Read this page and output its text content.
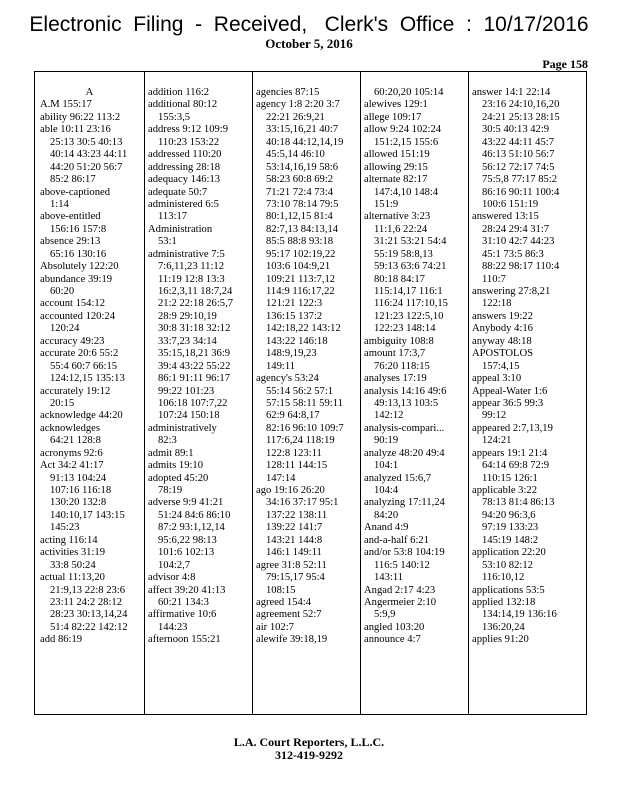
Electronic  Filing  -  Received,   Clerk's  Office  :  10/17/2016
October 5, 2016
Page 158
A
A.M 155:17
ability 96:22 113:2
able 10:11 23:16
25:13 30:5 40:13
40:14 43:23 44:11
44:20 51:20 56:7
85:2 86:17
above-captioned
1:14
above-entitled
156:16 157:8
absence 29:13
65:16 130:16
Absolutely 122:20
abundance 39:19
60:20
account 154:12
accounted 120:24
120:24
accuracy 49:23
accurate 20:6 55:2
55:4 60:7 66:15
124:12,15 135:13
accurately 19:12
20:15
acknowledge 44:20
acknowledges
64:21 128:8
acronyms 92:6
Act 34:2 41:17
91:13 104:24
107:16 116:18
130:20 132:8
140:10,17 143:15
145:23
acting 116:14
activities 31:19
33:8 50:24
actual 11:13,20
21:9,13 22:8 23:6
23:11 24:2 28:12
28:23 30:13,14,24
51:4 82:22 142:12
add 86:19
addition 116:2
additional 80:12
155:3,5
address 9:12 109:9
110:23 153:22
addressed 110:20
addressing 28:18
adequacy 146:13
adequate 50:7
administered 6:5
113:17
Administration
53:1
administrative 7:5
7:6,11,23 11:12
11:19 12:8 13:3
16:2,3,11 18:7,24
21:2 22:18 26:5,7
28:9 29:10,19
30:8 31:18 32:12
33:7,23 34:14
35:15,18,21 36:9
39:4 43:22 55:22
86:1 91:11 96:17
99:22 101:23
106:18 107:7,22
107:24 150:18
administratively
82:3
admit 89:1
admits 19:10
adopted 45:20
78:19
adverse 9:9 41:21
51:24 84:6 86:10
87:2 93:1,12,14
95:6,22 98:13
101:6 102:13
104:2,7
advisor 4:8
affect 39:20 41:13
60:21 134:3
affirmative 10:6
144:23
afternoon 155:21
agencies 87:15
agency 1:8 2:20 3:7
22:21 26:9,21
33:15,16,21 40:7
40:18 44:12,14,19
45:5,14 46:10
53:14,16,19 58:6
58:23 60:8 69:2
71:21 72:4 73:4
73:10 78:14 79:5
80:1,12,15 81:4
82:7,13 84:13,14
85:5 88:8 93:18
95:17 102:19,22
103:6 104:9,21
109:21 113:7,12
114:9 116:17,22
121:21 122:3
136:15 137:2
142:18,22 143:12
143:22 146:18
148:9,19,23
149:11
agency's 53:24
55:14 56:2 57:1
57:15 58:11 59:11
62:9 64:8,17
82:16 96:10 109:7
117:6,24 118:19
122:8 123:11
128:11 144:15
147:14
ago 19:16 26:20
34:16 37:17 95:1
137:22 138:11
139:22 141:7
143:21 144:8
146:1 149:11
agree 31:8 52:11
79:15,17 95:4
108:15
agreed 154:4
agreement 52:7
air 102:7
alewife 39:18,19
60:20,20 105:14
alewives 129:1
allege 109:17
allow 9:24 102:24
151:2,15 155:6
allowed 151:19
allowing 29:15
alternate 82:17
147:4,10 148:4
151:9
alternative 3:23
11:1,6 22:24
31:21 53:21 54:4
55:19 58:8,13
59:13 63:6 74:21
80:18 84:17
115:14,17 116:1
116:24 117:10,15
121:23 122:5,10
122:23 148:14
ambiguity 108:8
amount 17:3,7
76:20 118:15
analyses 17:19
analysis 14:16 49:6
49:13,13 103:5
142:12
analysis-compari...
90:19
analyze 48:20 49:4
104:1
analyzed 15:6,7
104:4
analyzing 17:11,24
84:20
Anand 4:9
and-a-half 6:21
and/or 53:8 104:19
116:5 140:12
143:11
Angad 2:17 4:23
Angermeier 2:10
5:9,9
angled 103:20
announce 4:7
answer 14:1 22:14
23:16 24:10,16,20
24:21 25:13 28:15
30:5 40:13 42:9
43:22 44:11 45:7
46:13 51:10 56:7
56:12 72:17 74:5
75:5,8 77:17 85:2
86:16 90:11 100:4
100:6 151:19
answered 13:15
28:24 29:4 31:7
31:10 42:7 44:23
45:1 73:5 86:3
88:22 98:17 110:4
110:7
answering 27:8,21
122:18
answers 19:22
Anybody 4:16
anyway 48:18
APOSTOLOS
157:4,15
appeal 3:10
Appeal-Water 1:6
appear 36:5 99:3
99:12
appeared 2:7,13,19
124:21
appears 19:1 21:4
64:14 69:8 72:9
110:15 126:1
applicable 3:22
78:13 81:4 86:13
94:20 96:3,6
97:19 133:23
145:19 148:2
application 22:20
53:10 82:12
116:10,12
applications 53:5
applied 132:18
134:14,19 136:16
136:20,24
applies 91:20
L.A. Court Reporters, L.L.C.
312-419-9292
